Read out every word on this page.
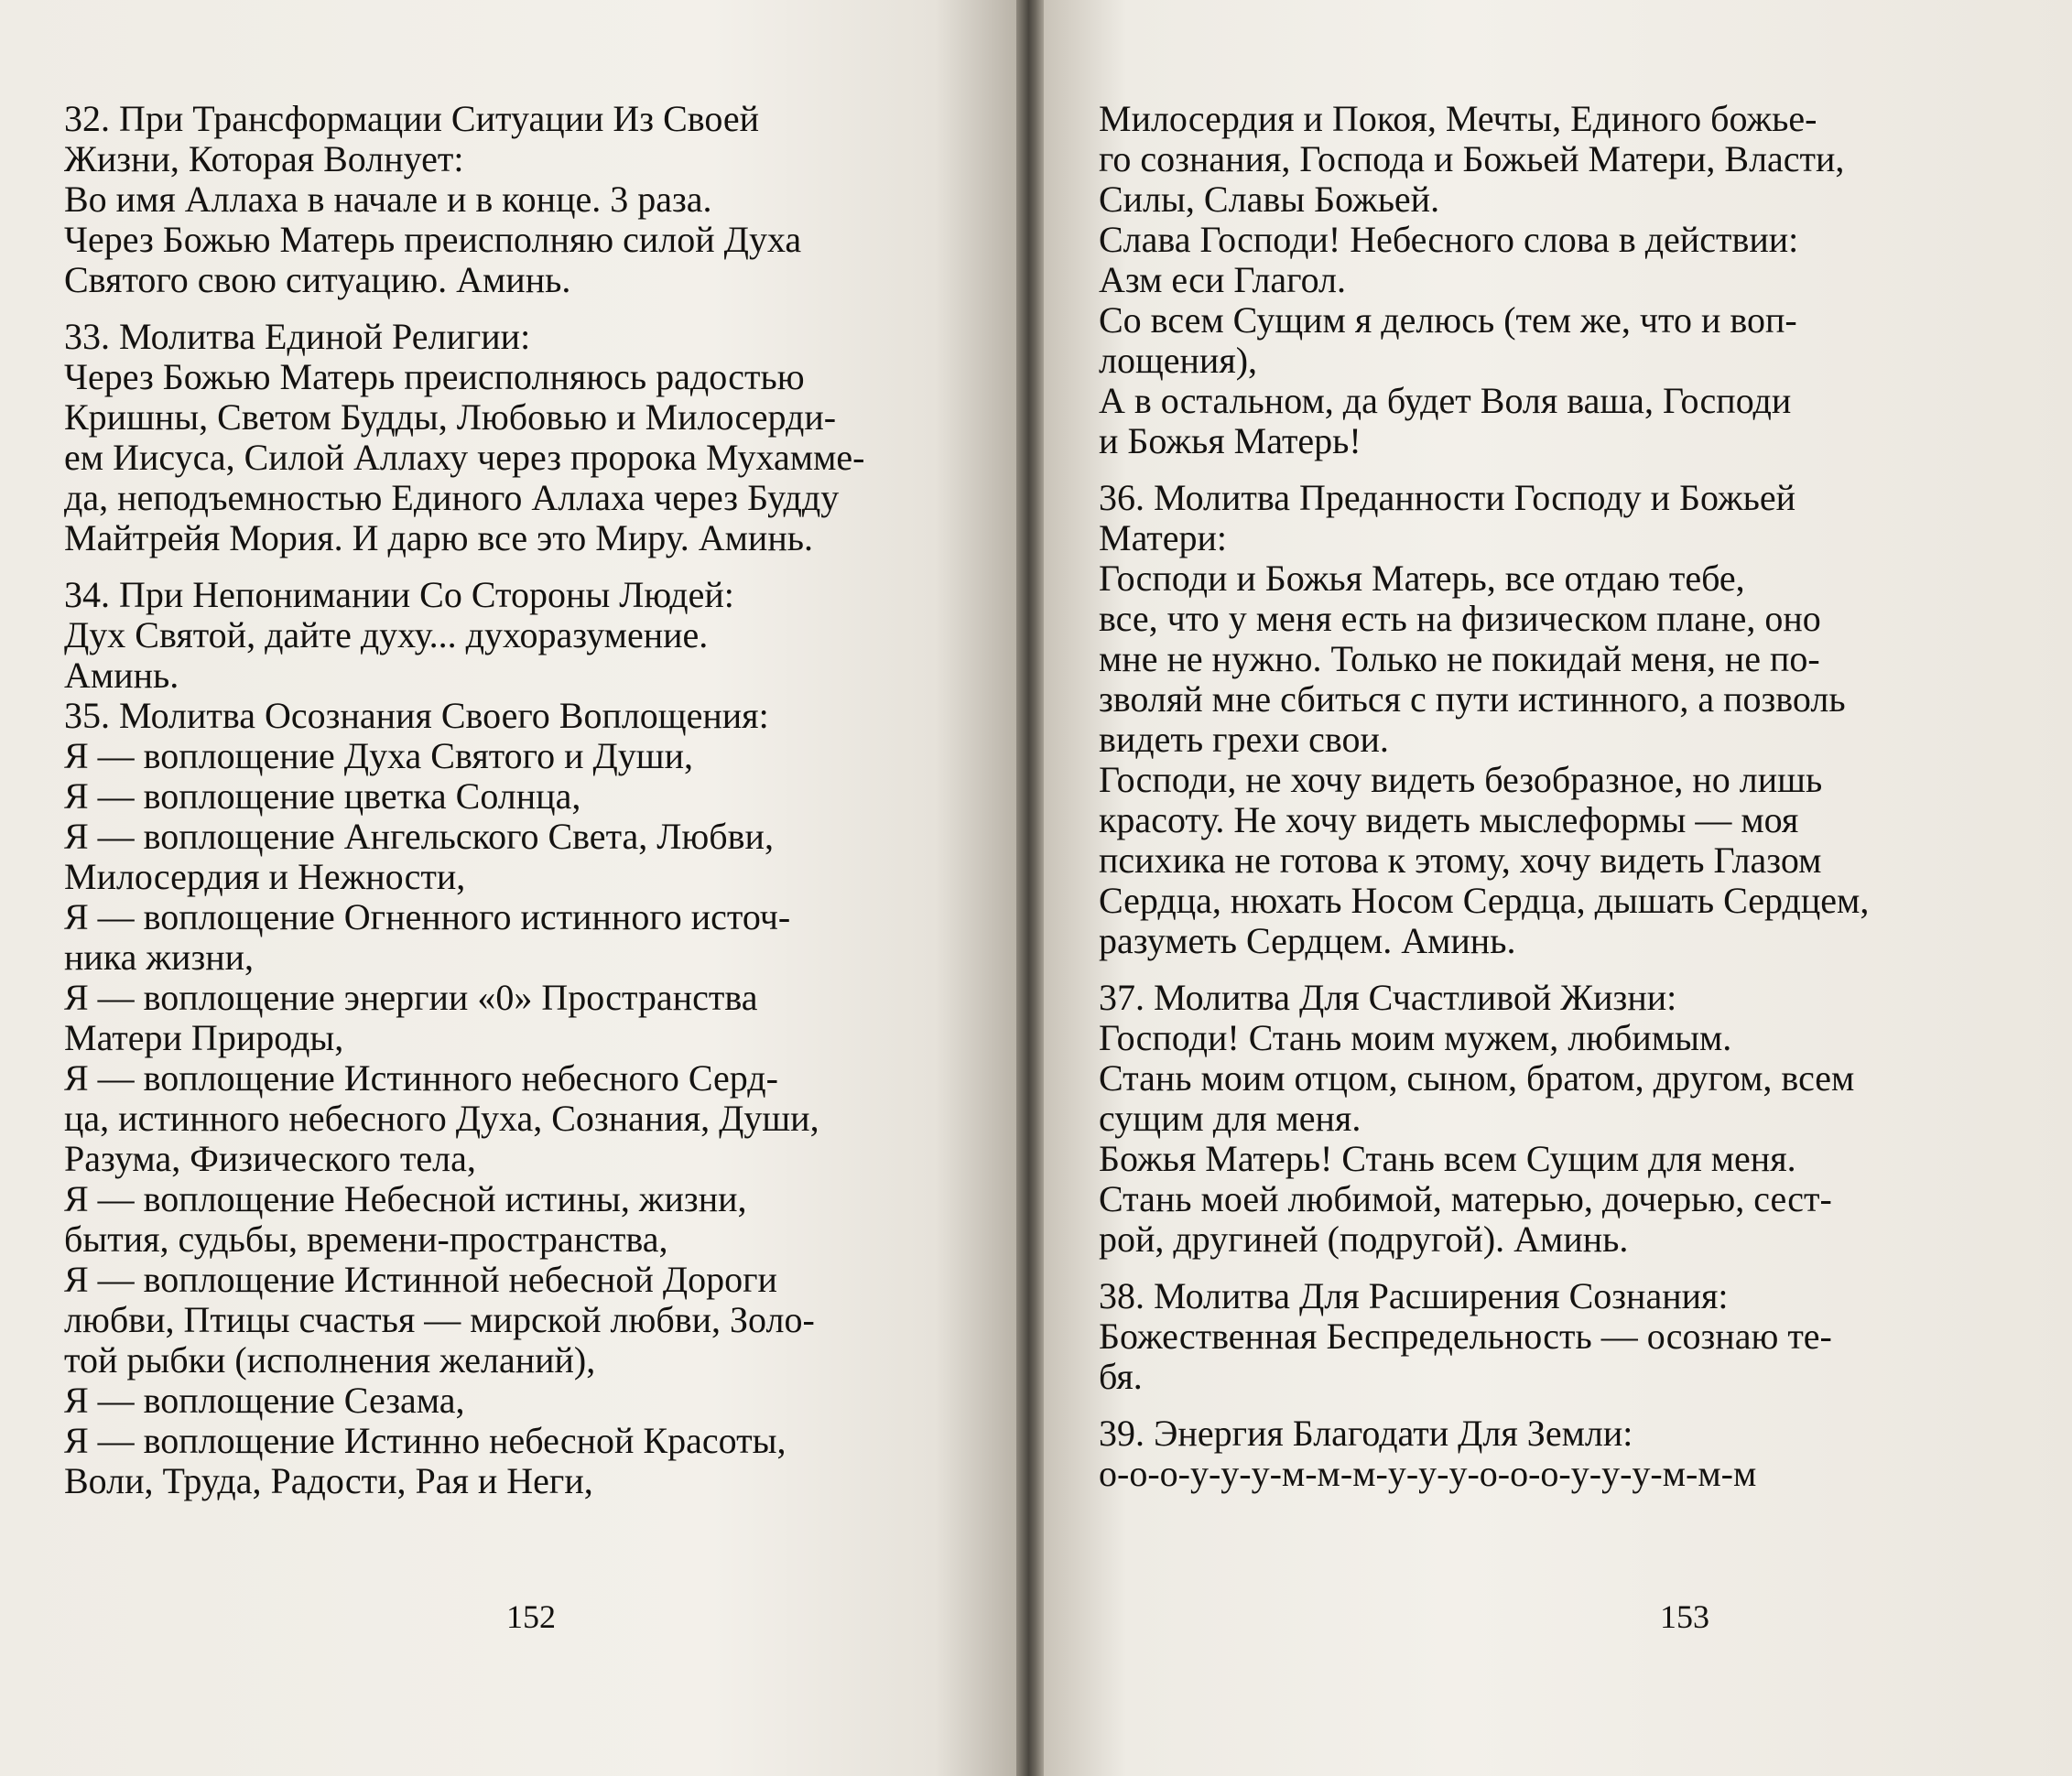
32. При Трансформации Ситуации Из Своей
Жизни, Которая Волнует:
Во имя Аллаха в начале и в конце. 3 раза.
Через Божью Матерь преисполняю силой Духа
Святого свою ситуацию. Аминь.
33. Молитва Единой Религии:
Через Божью Матерь преисполняюсь радостью
Кришны, Светом Будды, Любовью и Милосерди-
ем Иисуса, Силой Аллаху через пророка Мухамме-
да, неподъемностью Единого Аллаха через Будду
Майтрейя Мория. И дарю все это Миру. Аминь.
34. При Непонимании Со Стороны Людей:
Дух Святой, дайте духу... духоразумение.
Аминь.
35. Молитва Осознания Своего Воплощения:
Я — воплощение Духа Святого и Души,
Я — воплощение цветка Солнца,
Я — воплощение Ангельского Света, Любви,
Милосердия и Нежности,
Я — воплощение Огненного истинного источ-
ника жизни,
Я — воплощение энергии «0» Пространства
Матери Природы,
Я — воплощение Истинного небесного Серд-
ца, истинного небесного Духа, Сознания, Души,
Разума, Физического тела,
Я — воплощение Небесной истины, жизни,
бытия, судьбы, времени-пространства,
Я — воплощение Истинной небесной Дороги
любви, Птицы счастья — мирской любви, Золо-
той рыбки (исполнения желаний),
Я — воплощение Сезама,
Я — воплощение Истинно небесной Красоты,
Воли, Труда, Радости, Рая и Неги,
152
Милосердия и Покоя, Мечты, Единого божье-
го сознания, Господа и Божьей Матери, Власти,
Силы, Славы Божьей.
Слава Господи! Небесного слова в действии:
Азм еси Глагол.
Со всем Сущим я делюсь (тем же, что и воп-
лощения),
А в остальном, да будет Воля ваша, Господи
и Божья Матерь!
36. Молитва Преданности Господу и Божьей
Матери:
Господи и Божья Матерь, все отдаю тебе,
все, что у меня есть на физическом плане, оно
мне не нужно. Только не покидай меня, не по-
зволяй мне сбиться с пути истинного, а позволь
видеть грехи свои.
Господи, не хочу видеть безобразное, но лишь
красоту. Не хочу видеть мыслеформы — моя
психика не готова к этому, хочу видеть Глазом
Сердца, нюхать Носом Сердца, дышать Сердцем,
разуметь Сердцем. Аминь.
37. Молитва Для Счастливой Жизни:
Господи! Стань моим мужем, любимым.
Стань моим отцом, сыном, братом, другом, всем
сущим для меня.
Божья Матерь! Стань всем Сущим для меня.
Стань моей любимой, матерью, дочерью, сест-
рой, другиней (подругой). Аминь.
38. Молитва Для Расширения Сознания:
Божественная Беспредельность — осознаю те-
бя.
39. Энергия Благодати Для Земли:
о-о-о-у-у-у-м-м-м-у-у-у-о-о-о-у-у-у-м-м-м
153
